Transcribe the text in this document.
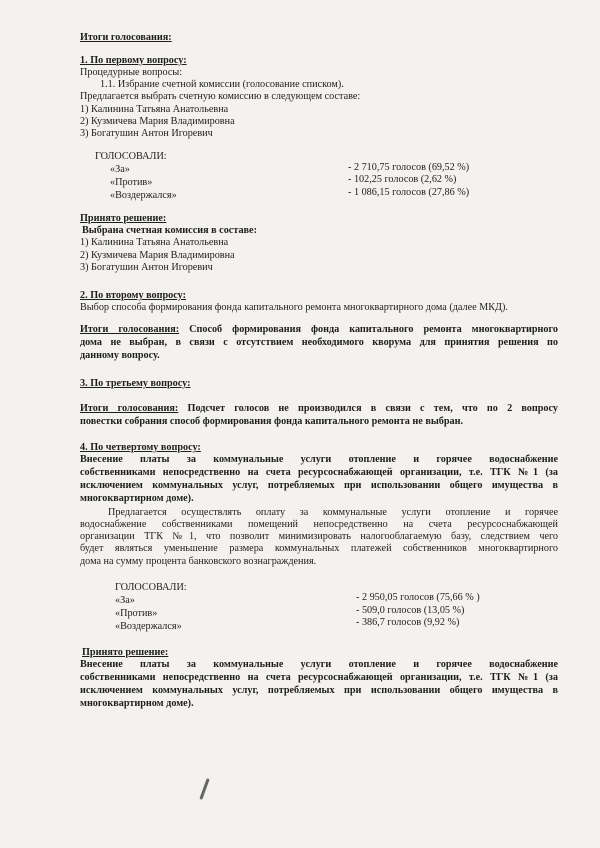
Итоги голосования:
1. По первому вопросу:
Процедурные вопросы:
1.1. Избрание счетной комиссии (голосование списком).
Предлагается выбрать счетную комиссию в следующем составе:
1) Калинина Татьяна Анатольевна
2) Кузмичева Мария Владимировна
3) Богатушин Антон Игоревич
ГОЛОСОВАЛИ:
«За»	- 2 710,75 голосов (69,52 %)
«Против»	- 102,25 голосов (2,62 %)
«Воздержался»	- 1 086,15 голосов (27,86 %)
Принято решение:
Выбрана счетная комиссия в составе:
1) Калинина Татьяна Анатольевна
2) Кузмичева Мария Владимировна
3) Богатушин Антон Игоревич
2. По второму вопросу:
Выбор способа формирования фонда капитального ремонта многоквартирного дома (далее МКД).
Итоги голосования: Способ формирования фонда капитального ремонта многоквартирного
дома не выбран, в связи с отсутствием необходимого кворума для принятия решения по
данному вопросу.
3. По третьему вопросу:
Итоги голосования: Подсчет голосов не производился в связи с тем, что по 2 вопросу
повестки собрания способ формирования фонда капитального ремонта не выбран.
4. По четвертому вопросу:
Внесение платы за коммунальные услуги отопление и горячее водоснабжение
собственниками непосредственно на счета ресурсоснабжающей организации, т.е. ТГК №1 (за
исключением коммунальных услуг, потребляемых при использовании общего имущества в
многоквартирном доме).
Предлагается осуществлять оплату за коммунальные услуги отопление и горячее
водоснабжение собственниками помещений непосредственно на счета ресурсоснабжающей
организации ТГК №1, что позволит минимизировать налогооблагаемую базу, следствием чего
будет являться уменьшение размера коммунальных платежей собственников многоквартирного
дома на сумму процента банковского вознаграждения.
ГОЛОСОВАЛИ:
«За»	- 2 950,05 голосов (75,66 % )
«Против»	- 509,0 голосов (13,05 %)
«Воздержался»	- 386,7 голосов (9,92 %)
Принято решение:
Внесение платы за коммунальные услуги отопление и горячее водоснабжение
собственниками непосредственно на счета ресурсоснабжающей организации, т.е. ТГК №1 (за
исключением коммунальных услуг, потребляемых при использовании общего имущества в
многоквартирном доме).
